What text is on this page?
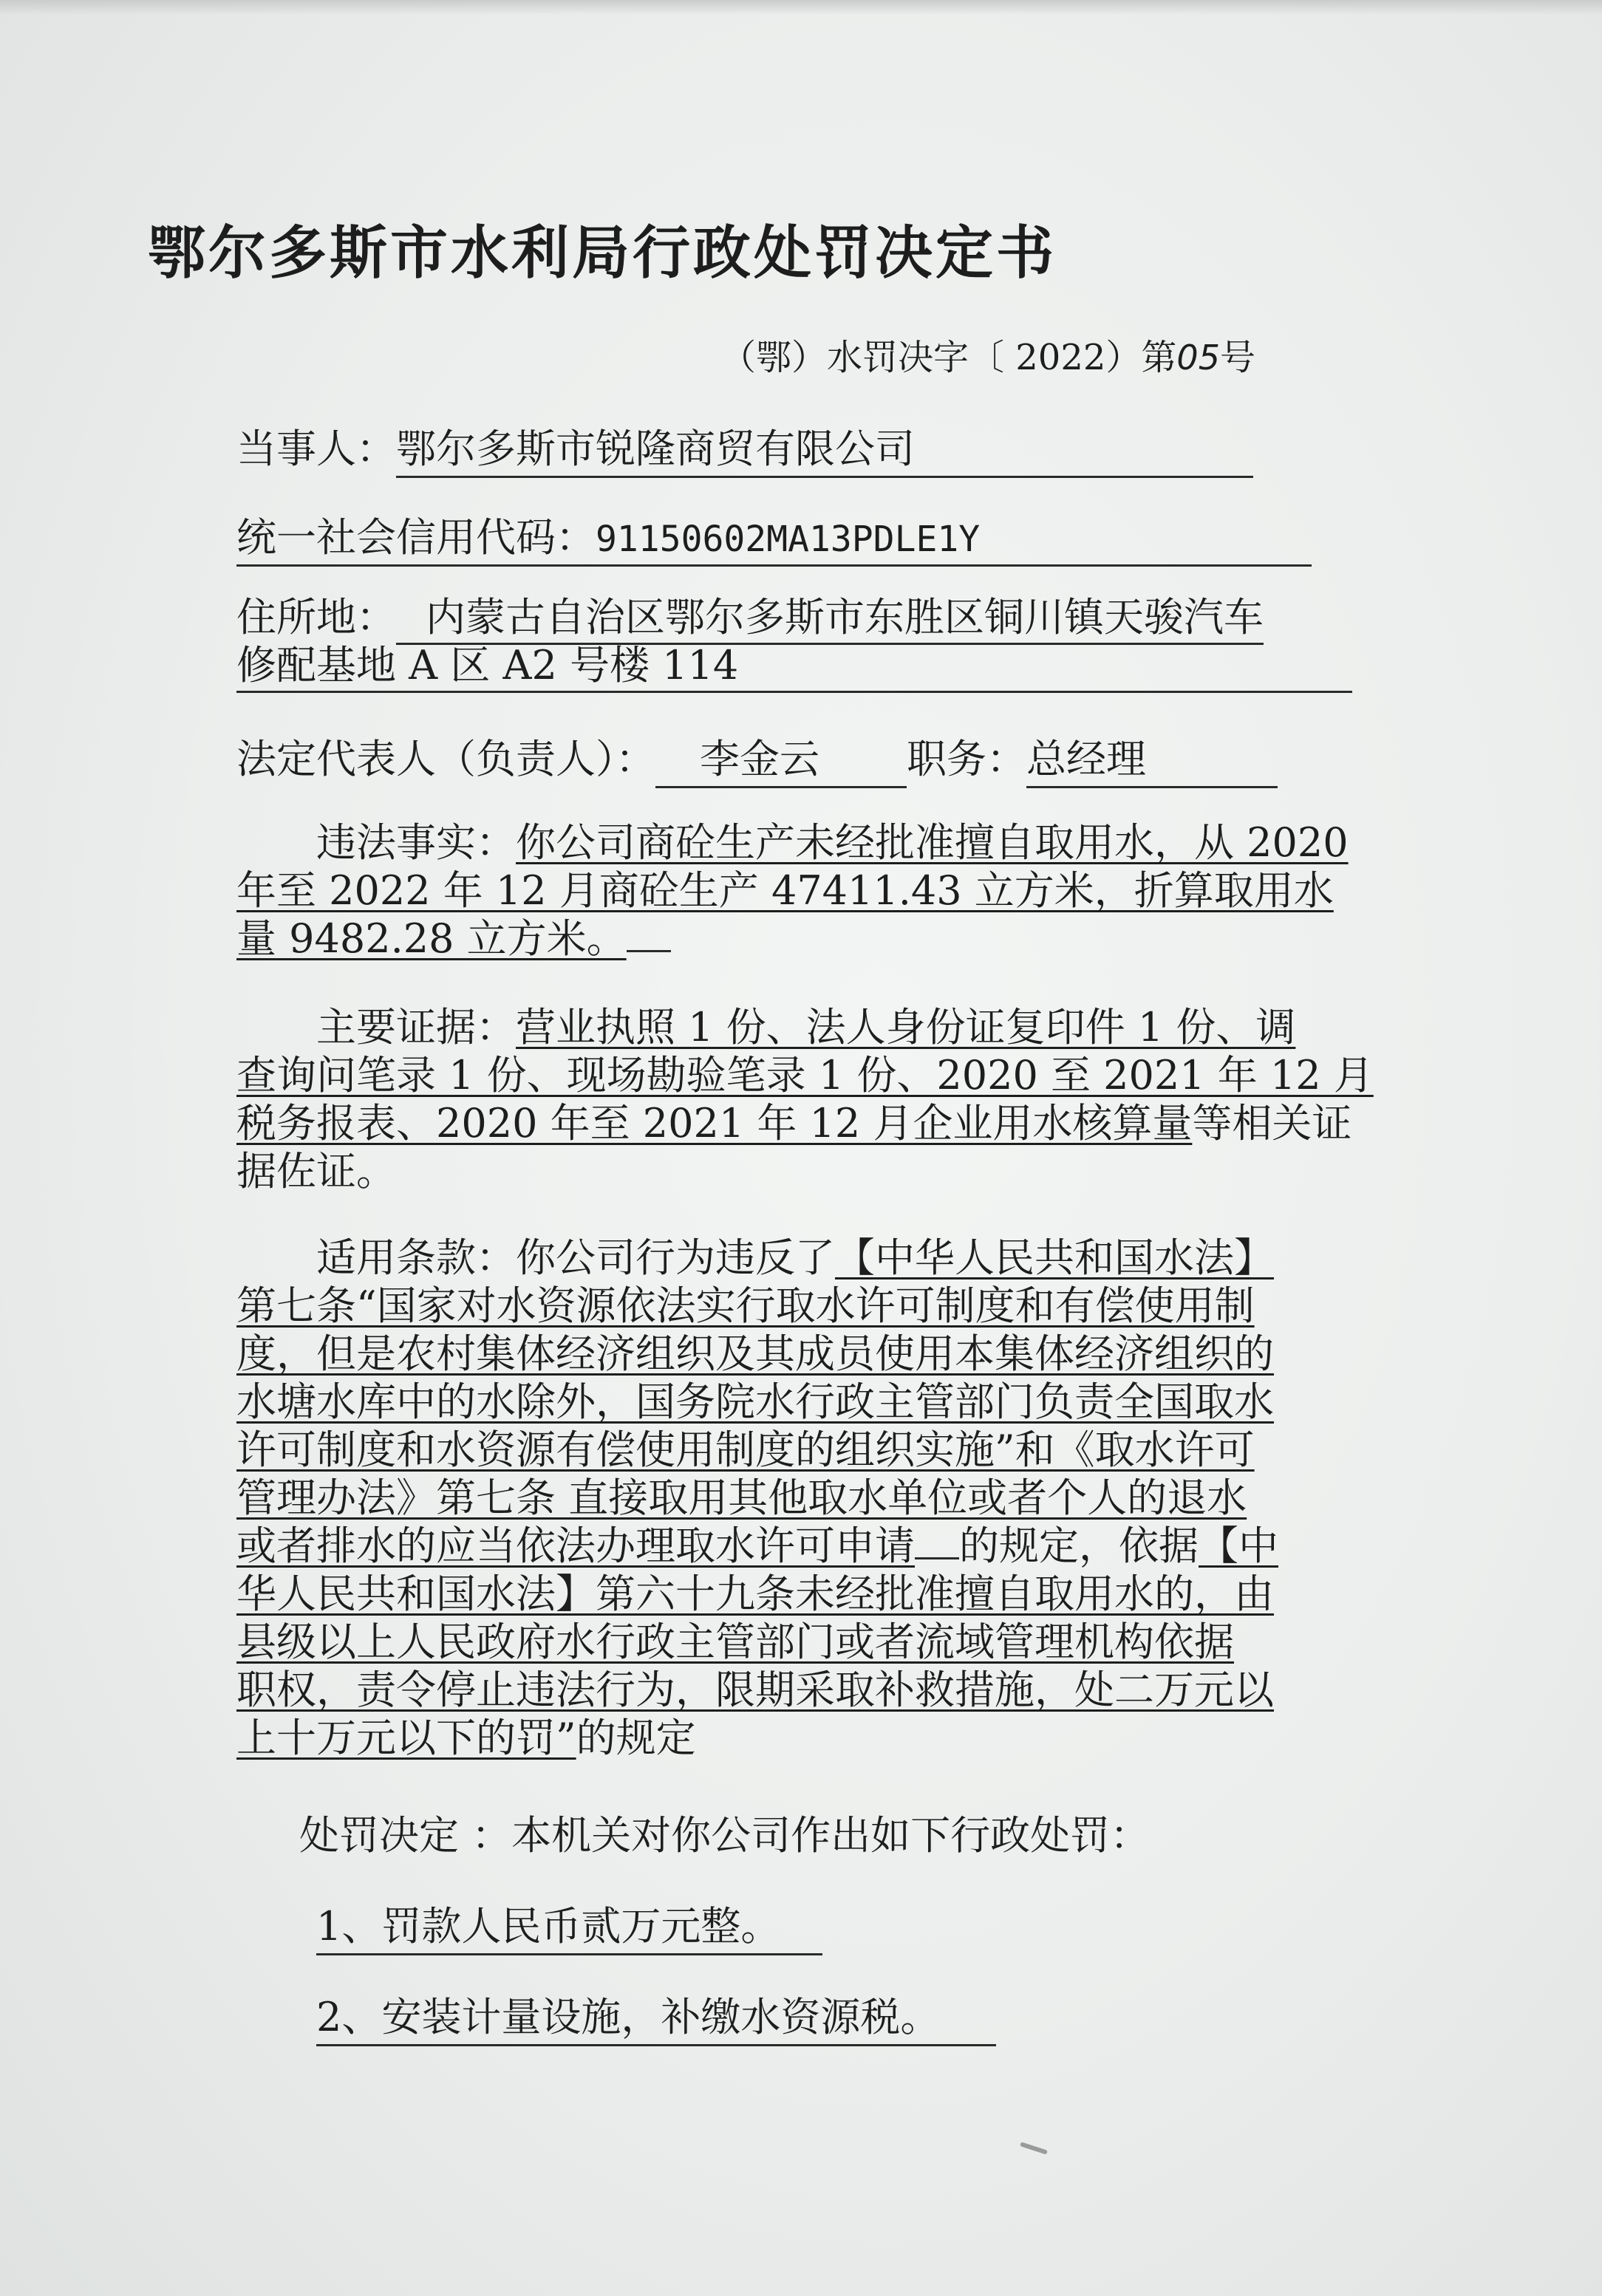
鄂尔多斯市水利局行政处罚决定书
（鄂）水罚决字〔 2022）第05号
当事人：鄂尔多斯市锐隆商贸有限公司
统一社会信用代码：91150602MA13PDLE1Y
住所地： 内蒙古自治区鄂尔多斯市东胜区铜川镇天骏汽车
修配基地 A 区 A2 号楼 114
法定代表人（负责人）： 李金云 职务：总经理
违法事实：你公司商砼生产未经批准擅自取用水，从 2020
年至 2022 年 12 月商砼生产 47411.43 立方米，折算取用水
量 9482.28 立方米。
主要证据：营业执照 1 份、法人身份证复印件 1 份、调
查询问笔录 1 份、现场勘验笔录 1 份、2020 至 2021 年 12 月
税务报表、2020 年至 2021 年 12 月企业用水核算量等相关证
据佐证。
适用条款：你公司行为违反了【中华人民共和国水法】
第七条“国家对水资源依法实行取水许可制度和有偿使用制
度，但是农村集体经济组织及其成员使用本集体经济组织的
水塘水库中的水除外，国务院水行政主管部门负责全国取水
许可制度和水资源有偿使用制度的组织实施”和《取水许可
管理办法》第七条 直接取用其他取水单位或者个人的退水
或者排水的应当依法办理取水许可申请 的规定，依据【中
华人民共和国水法】第六十九条未经批准擅自取用水的，由
县级以上人民政府水行政主管部门或者流域管理机构依据
职权，责令停止违法行为，限期采取补救措施，处二万元以
上十万元以下的罚”的规定
处罚决定 ：本机关对你公司作出如下行政处罚：
1、罚款人民币贰万元整。
2、安装计量设施，补缴水资源税。
